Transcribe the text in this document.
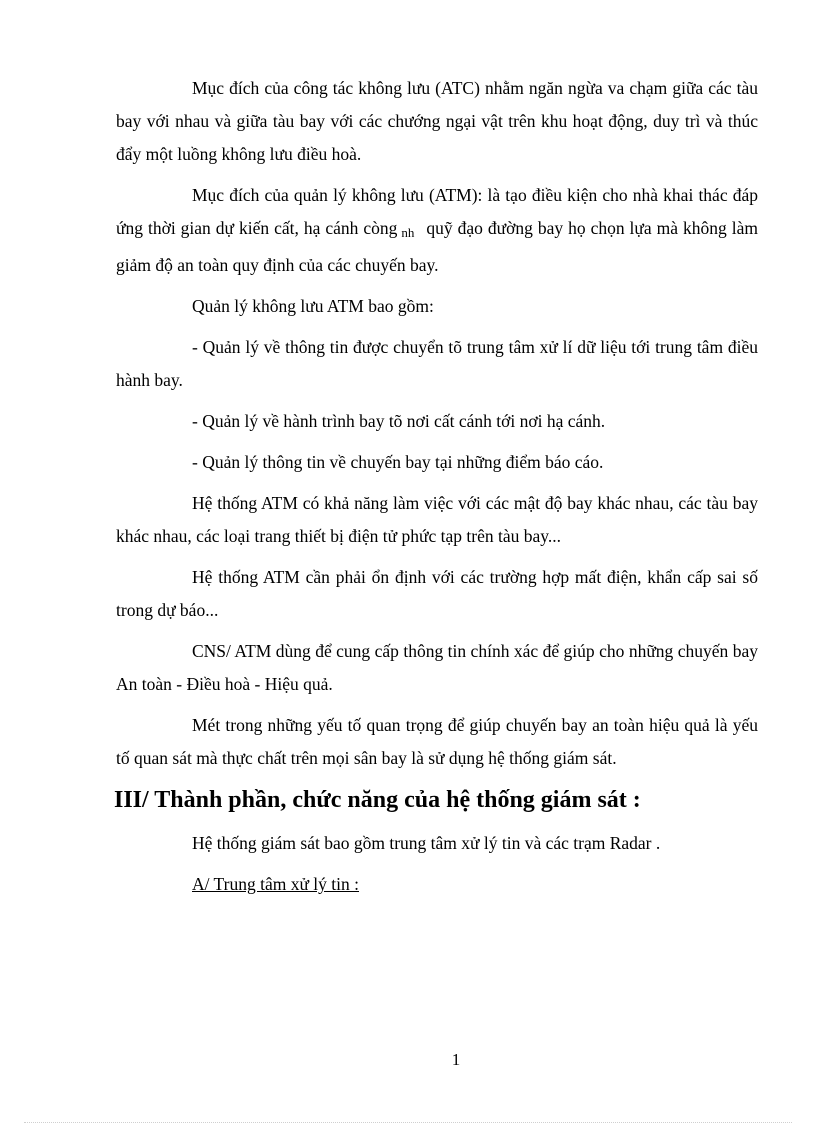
Mục đích của công tác không lưu (ATC) nhằm ngăn ngừa va chạm giữa các tàu bay với nhau và giữa tàu bay với các chướng ngại vật trên khu hoạt động, duy trì và thúc đẩy một luồng không lưu điều hoà.

Mục đích của quản lý không lưu (ATM): là tạo điều kiện cho nhà khai thác đáp ứng thời gian dự kiến cất, hạ cánh còng nh quỹ đạo đường bay họ chọn lựa mà không làm giảm độ an toàn quy định của các chuyến bay.

Quản lý không lưu ATM bao gồm:

- Quản lý về thông tin được chuyển tõ trung tâm xử lí dữ liệu tới trung tâm điều hành bay.

- Quản lý về hành trình bay tõ nơi cất cánh tới nơi hạ cánh.

- Quản lý thông tin về chuyến bay tại những điểm báo cáo.

Hệ thống ATM có khả năng làm việc với các mật độ bay khác nhau, các tàu bay khác nhau, các loại trang thiết bị điện tử phức tạp trên tàu bay...

Hệ thống ATM cần phải ổn định với các trường hợp mất điện, khẩn cấp sai số trong dự báo...

CNS/ ATM dùng để cung cấp thông tin chính xác để giúp cho những chuyến bay An toàn - Điều hoà - Hiệu quả.

Mét trong những yếu tố quan trọng để giúp chuyến bay an toàn hiệu quả là yếu tố quan sát mà thực chất trên mọi sân bay là sử dụng hệ thống giám sát.

III/ Thành phần, chức năng của hệ thống giám sát :

Hệ thống giám sát bao gồm trung tâm xử lý tin và các trạm Radar .

A/ Trung tâm xử lý tin :

1
